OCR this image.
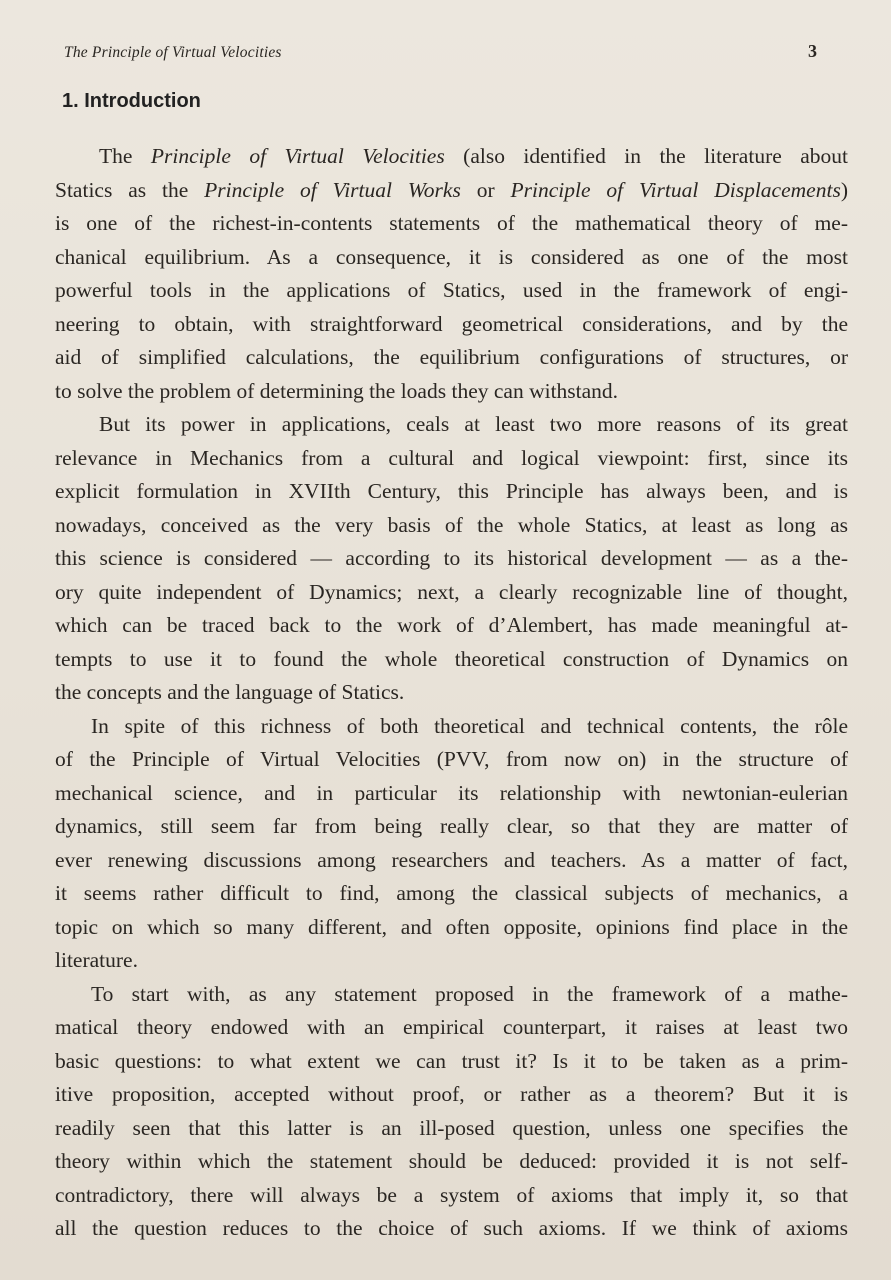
The Principle of Virtual Velocities	3
1. Introduction
The Principle of Virtual Velocities (also identified in the literature about
Statics as the Principle of Virtual Works or Principle of Virtual Displacements)
is one of the richest-in-contents statements of the mathematical theory of me-
chanical equilibrium. As a consequence, it is considered as one of the most
powerful tools in the applications of Statics, used in the framework of engi-
neering to obtain, with straightforward geometrical considerations, and by the
aid of simplified calculations, the equilibrium configurations of structures, or
to solve the problem of determining the loads they can withstand.
But its power in applications, ceals at least two more reasons of its great
relevance in Mechanics from a cultural and logical viewpoint: first, since its
explicit formulation in XVIIth Century, this Principle has always been, and is
nowadays, conceived as the very basis of the whole Statics, at least as long as
this science is considered — according to its historical development — as a the-
ory quite independent of Dynamics; next, a clearly recognizable line of thought,
which can be traced back to the work of d’Alembert, has made meaningful at-
tempts to use it to found the whole theoretical construction of Dynamics on
the concepts and the language of Statics.
In spite of this richness of both theoretical and technical contents, the rôle
of the Principle of Virtual Velocities (PVV, from now on) in the structure of
mechanical science, and in particular its relationship with newtonian-eulerian
dynamics, still seem far from being really clear, so that they are matter of
ever renewing discussions among researchers and teachers. As a matter of fact,
it seems rather difficult to find, among the classical subjects of mechanics, a
topic on which so many different, and often opposite, opinions find place in the
literature.
To start with, as any statement proposed in the framework of a mathe-
matical theory endowed with an empirical counterpart, it raises at least two
basic questions: to what extent we can trust it? Is it to be taken as a prim-
itive proposition, accepted without proof, or rather as a theorem? But it is
readily seen that this latter is an ill-posed question, unless one specifies the
theory within which the statement should be deduced: provided it is not self-
contradictory, there will always be a system of axioms that imply it, so that
all the question reduces to the choice of such axioms. If we think of axioms
